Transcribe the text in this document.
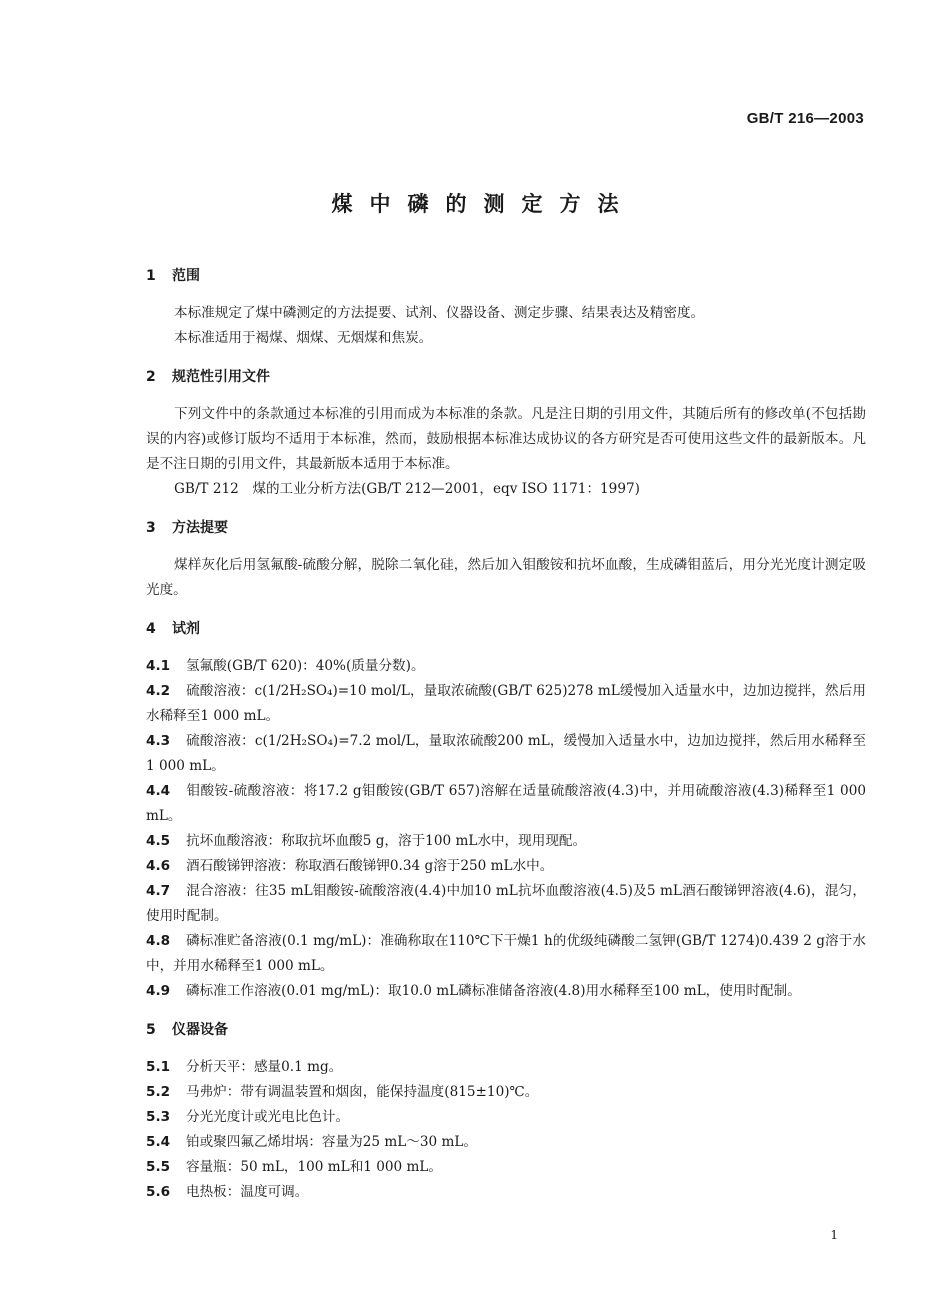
GB/T 216—2003
煤中磷的测定方法
1 范围

本标准规定了煤中磷测定的方法提要、试剂、仪器设备、测定步骤、结果表达及精密度。

本标准适用于褐煤、烟煤、无烟煤和焦炭。

2 规范性引用文件

下列文件中的条款通过本标准的引用而成为本标准的条款。凡是注日期的引用文件，其随后所有的修改单(不包括勘误的内容)或修订版均不适用于本标准，然而，鼓励根据本标准达成协议的各方研究是否可使用这些文件的最新版本。凡是不注日期的引用文件，其最新版本适用于本标准。

GB/T 212　煤的工业分析方法(GB/T 212—2001，eqv ISO 1171：1997)

3 方法提要

煤样灰化后用氢氟酸-硫酸分解，脱除二氧化硅，然后加入钼酸铵和抗坏血酸，生成磷钼蓝后，用分光光度计测定吸光度。

4 试剂

4.1 氢氟酸(GB/T 620)：40%(质量分数)。

4.2 硫酸溶液：c(1/2H₂SO₄)=10 mol/L，量取浓硫酸(GB/T 625)278 mL缓慢加入适量水中，边加边搅拌，然后用水稀释至1 000 mL。

4.3 硫酸溶液：c(1/2H₂SO₄)=7.2 mol/L，量取浓硫酸200 mL，缓慢加入适量水中，边加边搅拌，然后用水稀释至1 000 mL。

4.4 钼酸铵-硫酸溶液：将17.2 g钼酸铵(GB/T 657)溶解在适量硫酸溶液(4.3)中，并用硫酸溶液(4.3)稀释至1 000 mL。

4.5 抗坏血酸溶液：称取抗坏血酸5 g，溶于100 mL水中，现用现配。

4.6 酒石酸锑钾溶液：称取酒石酸锑钾0.34 g溶于250 mL水中。

4.7 混合溶液：往35 mL钼酸铵-硫酸溶液(4.4)中加10 mL抗坏血酸溶液(4.5)及5 mL酒石酸锑钾溶液(4.6)，混匀，使用时配制。

4.8 磷标准贮备溶液(0.1 mg/mL)：准确称取在110℃下干燥1 h的优级纯磷酸二氢钾(GB/T 1274)0.439 2 g溶于水中，并用水稀释至1 000 mL。

4.9 磷标准工作溶液(0.01 mg/mL)：取10.0 mL磷标准储备溶液(4.8)用水稀释至100 mL，使用时配制。

5 仪器设备

5.1 分析天平：感量0.1 mg。

5.2 马弗炉：带有调温装置和烟囱，能保持温度(815±10)℃。

5.3 分光光度计或光电比色计。

5.4 铂或聚四氟乙烯坩埚：容量为25 mL～30 mL。

5.5 容量瓶：50 mL，100 mL和1 000 mL。

5.6 电热板：温度可调。

1
